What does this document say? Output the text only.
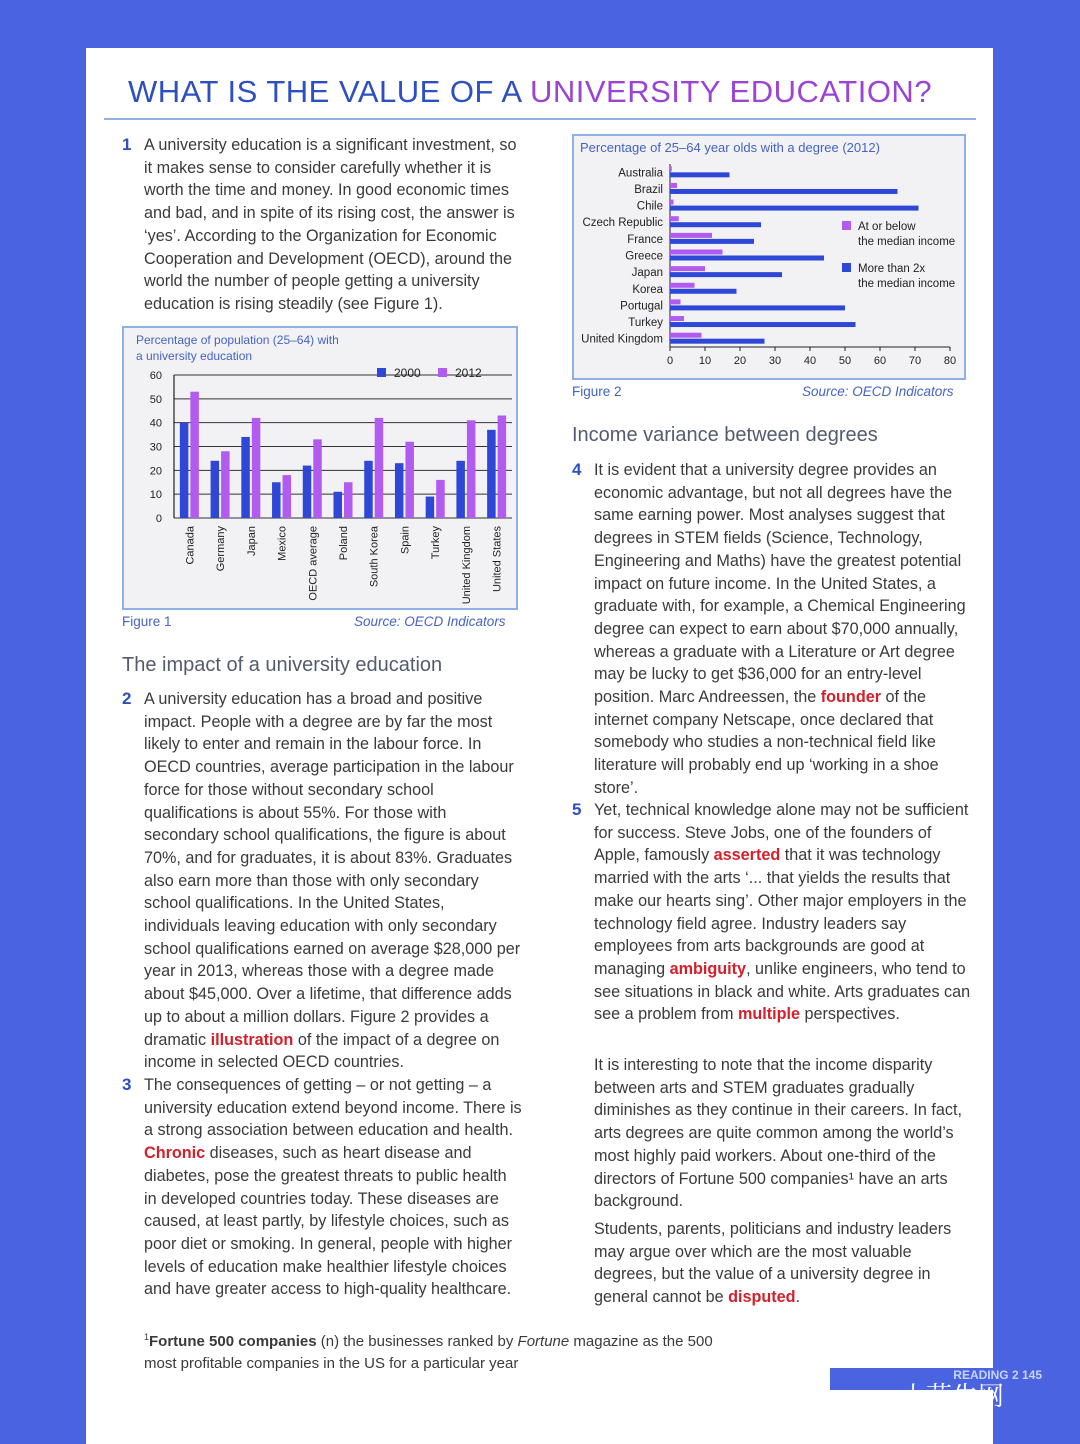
WHAT IS THE VALUE OF A UNIVERSITY EDUCATION?
1 A university education is a significant investment, so it makes sense to consider carefully whether it is worth the time and money. In good economic times and bad, and in spite of its rising cost, the answer is ‘yes’. According to the Organization for Economic Cooperation and Development (OECD), around the world the number of people getting a university education is rising steadily (see Figure 1).
Percentage of population (25–64) with
a university education
0
10
20
30
40
50
60
Canada Germany Japan Mexico OECD average Poland South Korea Spain Turkey United Kingdom United States
2000	2012
Figure 1	Source: OECD Indicators
The impact of a university education
2 A university education has a broad and positive impact. People with a degree are by far the most likely to enter and remain in the labour force. In OECD countries, average participation in the labour force for those without secondary school qualifications is about 55%. For those with secondary school qualifications, the figure is about 70%, and for graduates, it is about 83%. Graduates also earn more than those with only secondary school qualifications. In the United States, individuals leaving education with only secondary school qualifications earned on average $28,000 per year in 2013, whereas those with a degree made about $45,000. Over a lifetime, that difference adds up to about a million dollars. Figure 2 provides a dramatic illustration of the impact of a degree on income in selected OECD countries.
3 The consequences of getting – or not getting – a university education extend beyond income. There is a strong association between education and health. Chronic diseases, such as heart disease and diabetes, pose the greatest threats to public health in developed countries today. These diseases are caused, at least partly, by lifestyle choices, such as poor diet or smoking. In general, people with higher levels of education make healthier lifestyle choices and have greater access to high-quality healthcare.
Percentage of 25–64 year olds with a degree (2012)
0 10 20 30 40 50 60 70 80
Australia
Brazil
Chile
Czech Republic
France
Greece
Japan
Korea
Portugal
Turkey
United Kingdom
At or below
the median income
More than 2x
the median income
Figure 2	Source: OECD Indicators
Income variance between degrees
4 It is evident that a university degree provides an economic advantage, but not all degrees have the same earning power. Most analyses suggest that degrees in STEM fields (Science, Technology, Engineering and Maths) have the greatest potential impact on future income. In the United States, a graduate with, for example, a Chemical Engineering degree can expect to earn about $70,000 annually, whereas a graduate with a Literature or Art degree may be lucky to get $36,000 for an entry-level position. Marc Andreessen, the founder of the internet company Netscape, once declared that somebody who studies a non-technical field like literature will probably end up ‘working in a shoe store’.
5 Yet, technical knowledge alone may not be sufficient for success. Steve Jobs, one of the founders of Apple, famously asserted that it was technology married with the arts ‘... that yields the results that make our hearts sing’. Other major employers in the technology field agree. Industry leaders say employees from arts backgrounds are good at managing ambiguity, unlike engineers, who tend to see situations in black and white. Arts graduates can see a problem from multiple perspectives.
It is interesting to note that the income disparity between arts and STEM graduates gradually diminishes as they continue in their careers. In fact, arts degrees are quite common among the world’s most highly paid workers. About one-third of the directors of Fortune 500 companies¹ have an arts background.
Students, parents, politicians and industry leaders may argue over which are the most valuable degrees, but the value of a university degree in general cannot be disputed.
$^1$Fortune 500 companies (n) the businesses ranked by Fortune magazine as the 500 most profitable companies in the US for a particular year
READING 2 145
小花生网
